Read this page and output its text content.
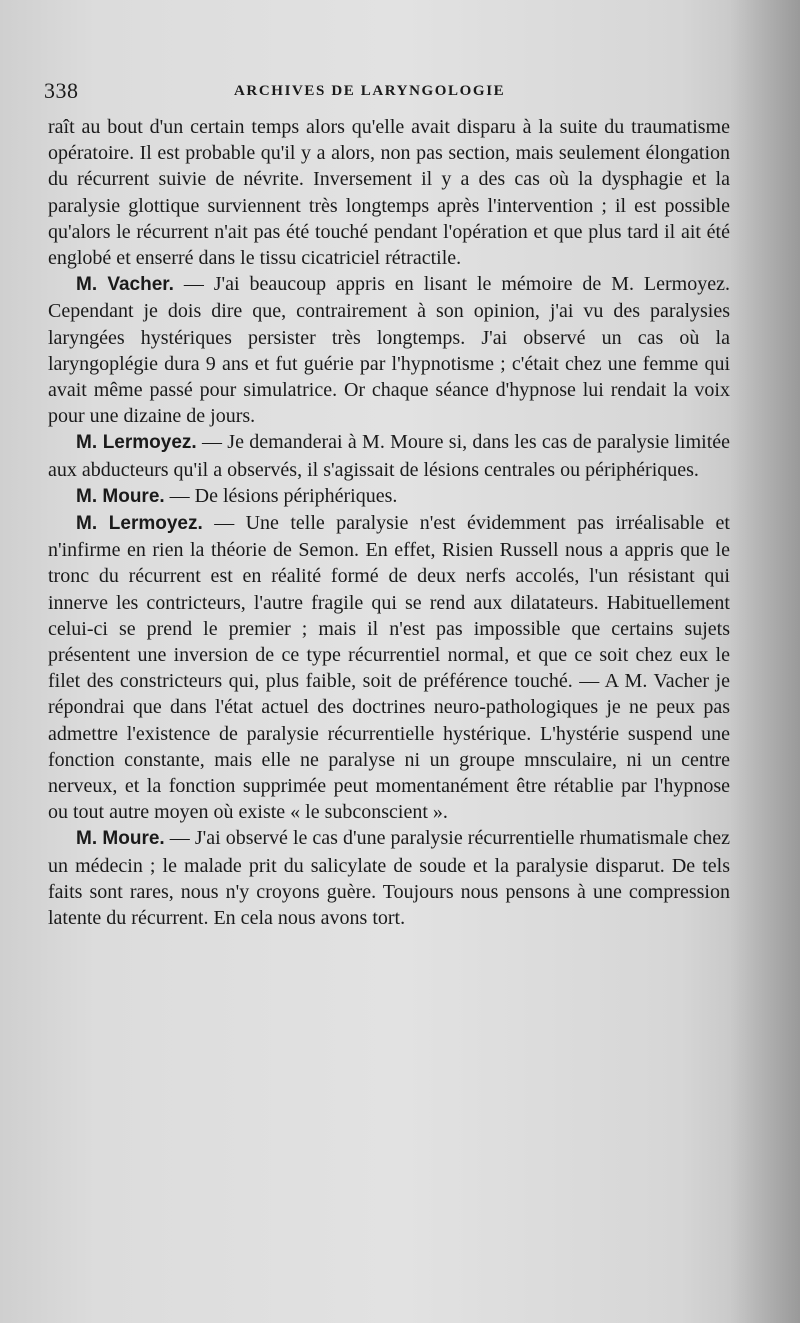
338	ARCHIVES DE LARYNGOLOGIE

raît au bout d'un certain temps alors qu'elle avait disparu à la suite du traumatisme opératoire. Il est probable qu'il y a alors, non pas section, mais seulement élongation du récurrent suivie de névrite. Inversement il y a des cas où la dysphagie et la paralysie glottique surviennent très longtemps après l'intervention ; il est possible qu'alors le récurrent n'ait pas été touché pendant l'opération et que plus tard il ait été englobé et enserré dans le tissu cicatriciel rétractile.

M. Vacher. — J'ai beaucoup appris en lisant le mémoire de M. Lermoyez. Cependant je dois dire que, contrairement à son opinion, j'ai vu des paralysies laryngées hystériques persister très longtemps. J'ai observé un cas où la laryngoplégie dura 9 ans et fut guérie par l'hypnotisme ; c'était chez une femme qui avait même passé pour simulatrice. Or chaque séance d'hypnose lui rendait la voix pour une dizaine de jours.

M. Lermoyez. — Je demanderai à M. Moure si, dans les cas de paralysie limitée aux abducteurs qu'il a observés, il s'agissait de lésions centrales ou périphériques.

M. Moure. — De lésions périphériques.

M. Lermoyez. — Une telle paralysie n'est évidemment pas irréalisable et n'infirme en rien la théorie de Semon. En effet, Risien Russell nous a appris que le tronc du récurrent est en réalité formé de deux nerfs accolés, l'un résistant qui innerve les contricteurs, l'autre fragile qui se rend aux dilatateurs. Habituellement celui-ci se prend le premier ; mais il n'est pas impossible que certains sujets présentent une inversion de ce type récurrentiel normal, et que ce soit chez eux le filet des constricteurs qui, plus faible, soit de préférence touché. — A M. Vacher je répondrai que dans l'état actuel des doctrines neuro-pathologiques je ne peux pas admettre l'existence de paralysie récurrentielle hystérique. L'hystérie suspend une fonction constante, mais elle ne paralyse ni un groupe mnsculaire, ni un centre nerveux, et la fonction supprimée peut momentanément être rétablie par l'hypnose ou tout autre moyen où existe « le subconscient ».

M. Moure. — J'ai observé le cas d'une paralysie récurrentielle rhumatismale chez un médecin ; le malade prit du salicylate de soude et la paralysie disparut. De tels faits sont rares, nous n'y croyons guère. Toujours nous pensons à une compression latente du récurrent. En cela nous avons tort.
